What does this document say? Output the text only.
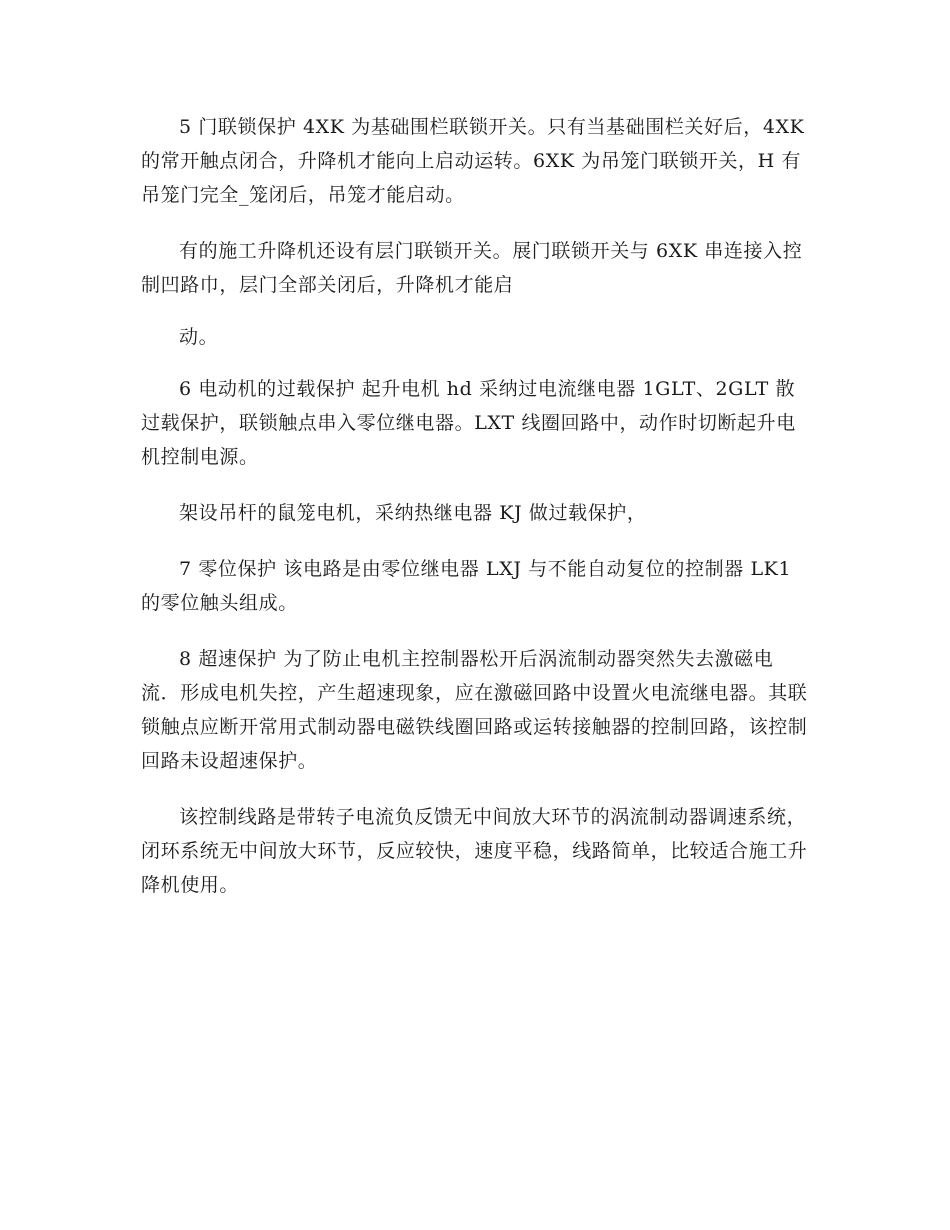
5 门联锁保护 4XK 为基础围栏联锁开关。只有当基础围栏关好后，4XK 的常开触点闭合，升降机才能向上启动运转。6XK 为吊笼门联锁开关，H 有吊笼门完全_笼闭后，吊笼才能启动。

有的施工升降机还设有层门联锁开关。展门联锁开关与 6XK 串连接入控制凹路巾，层门全部关闭后，升降机才能启

动。

6 电动机的过载保护 起升电机 hd 采纳过电流继电器 1GLT、2GLT 散过载保护，联锁触点串入零位继电器。LXT 线圈回路中，动作时切断起升电机控制电源。

架设吊杆的鼠笼电机，采纳热继电器 KJ 做过载保护，

7 零位保护 该电路是由零位继电器 LXJ 与不能自动复位的控制器 LK1 的零位触头组成。

8 超速保护 为了防止电机主控制器松开后涡流制动器突然失去激磁电流．形成电机失控，产生超速现象，应在激磁回路中设置火电流继电器。其联锁触点应断开常用式制动器电磁铁线圈回路或运转接触器的控制回路，该控制回路未设超速保护。

该控制线路是带转子电流负反馈无中间放大环节的涡流制动器调速系统，闭环系统无中间放大环节，反应较快，速度平稳，线路简单，比较适合施工升降机使用。
